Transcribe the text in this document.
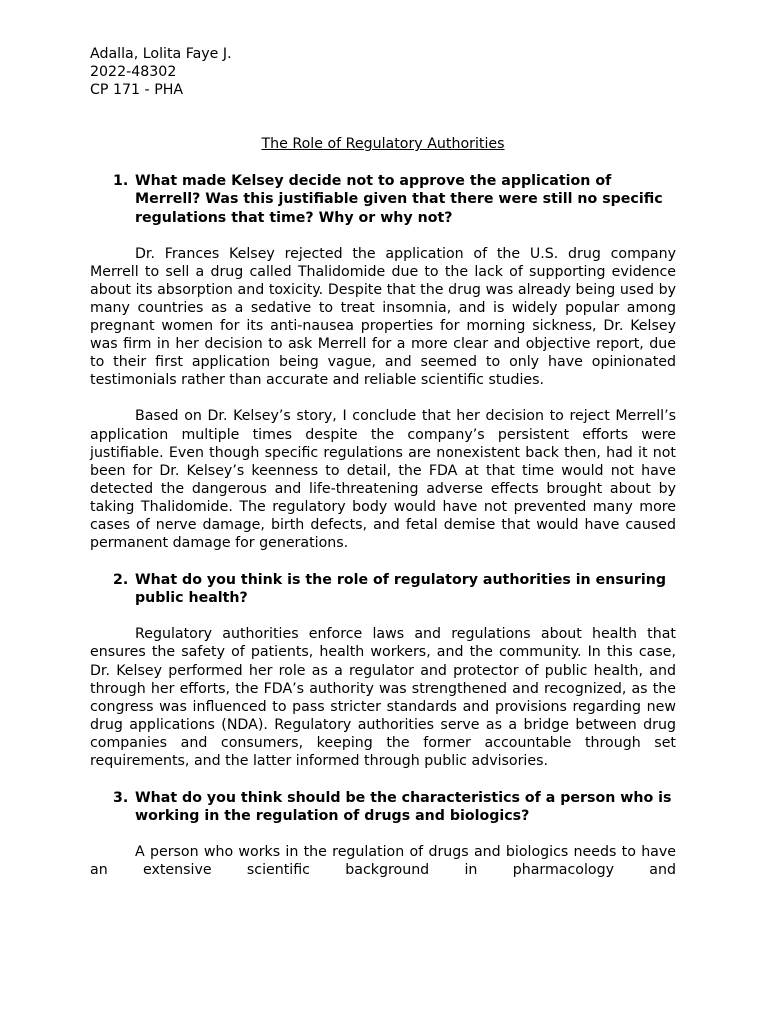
Adalla, Lolita Faye J.

2022-48302

CP 171 - PHA

The Role of Regulatory Authorities

1. What made Kelsey decide not to approve the application of Merrell? Was this justifiable given that there were still no specific regulations that time? Why or why not?

Dr. Frances Kelsey rejected the application of the U.S. drug company Merrell to sell a drug called Thalidomide due to the lack of supporting evidence about its absorption and toxicity. Despite that the drug was already being used by many countries as a sedative to treat insomnia, and is widely popular among pregnant women for its anti-nausea properties for morning sickness, Dr. Kelsey was firm in her decision to ask Merrell for a more clear and objective report, due to their first application being vague, and seemed to only have opinionated testimonials rather than accurate and reliable scientific studies.

Based on Dr. Kelsey’s story, I conclude that her decision to reject Merrell’s application multiple times despite the company’s persistent efforts were justifiable. Even though specific regulations are nonexistent back then, had it not been for Dr. Kelsey’s keenness to detail, the FDA at that time would not have detected the dangerous and life-threatening adverse effects brought about by taking Thalidomide. The regulatory body would have not prevented many more cases of nerve damage, birth defects, and fetal demise that would have caused permanent damage for generations.

2. What do you think is the role of regulatory authorities in ensuring public health?

Regulatory authorities enforce laws and regulations about health that ensures the safety of patients, health workers, and the community. In this case, Dr. Kelsey performed her role as a regulator and protector of public health, and through her efforts, the FDA’s authority was strengthened and recognized, as the congress was influenced to pass stricter standards and provisions regarding new drug applications (NDA). Regulatory authorities serve as a bridge between drug companies and consumers, keeping the former accountable through set requirements, and the latter informed through public advisories.

3. What do you think should be the characteristics of a person who is working in the regulation of drugs and biologics?

A person who works in the regulation of drugs and biologics needs to have an extensive scientific background in pharmacology and
